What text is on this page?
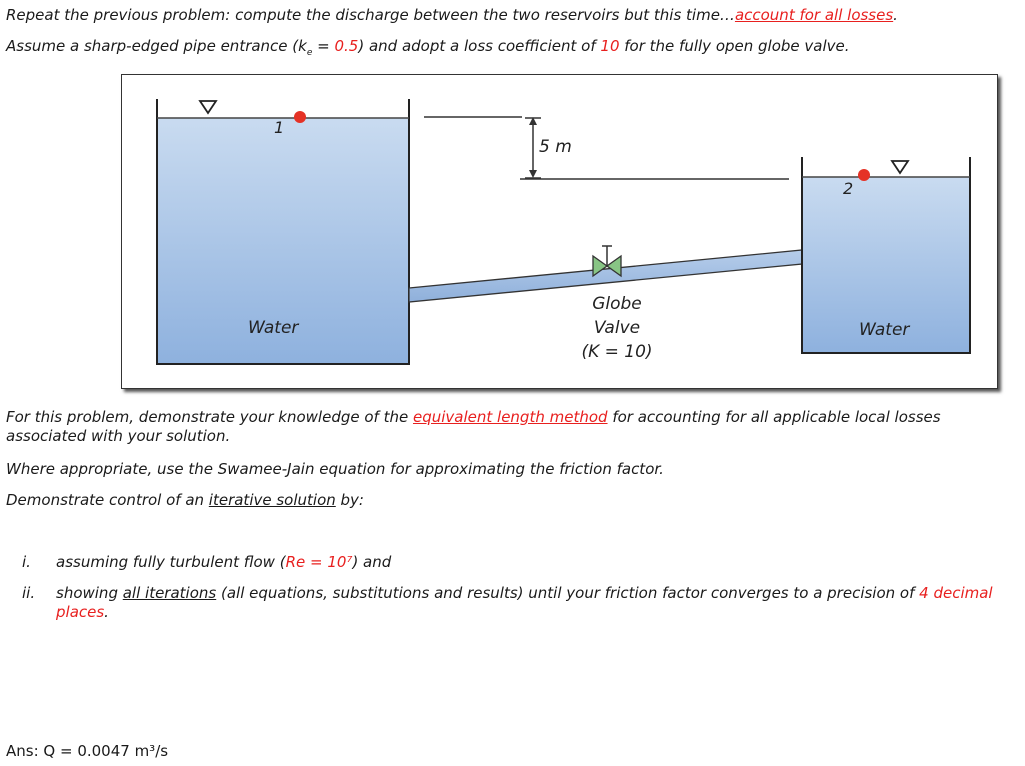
Repeat the previous problem: compute the discharge between the two reservoirs but this time…account for all losses.
Assume a sharp-edged pipe entrance $(k_e = 0.5)$ and adopt a loss coefficient of 10 for the fully open globe valve.
1
5 m
2
Water	Water
Globe
Valve
(K = 10)
For this problem, demonstrate your knowledge of the equivalent length method for accounting for all applicable local losses associated with your solution.
Where appropriate, use the Swamee-Jain equation for approximating the friction factor.
Demonstrate control of an iterative solution by:
i.	assuming fully turbulent flow (Re = 10⁷) and
ii.	showing all iterations (all equations, substitutions and results) until your friction factor converges to a precision of 4 decimal places.
Ans: Q = 0.0047 m³/s
